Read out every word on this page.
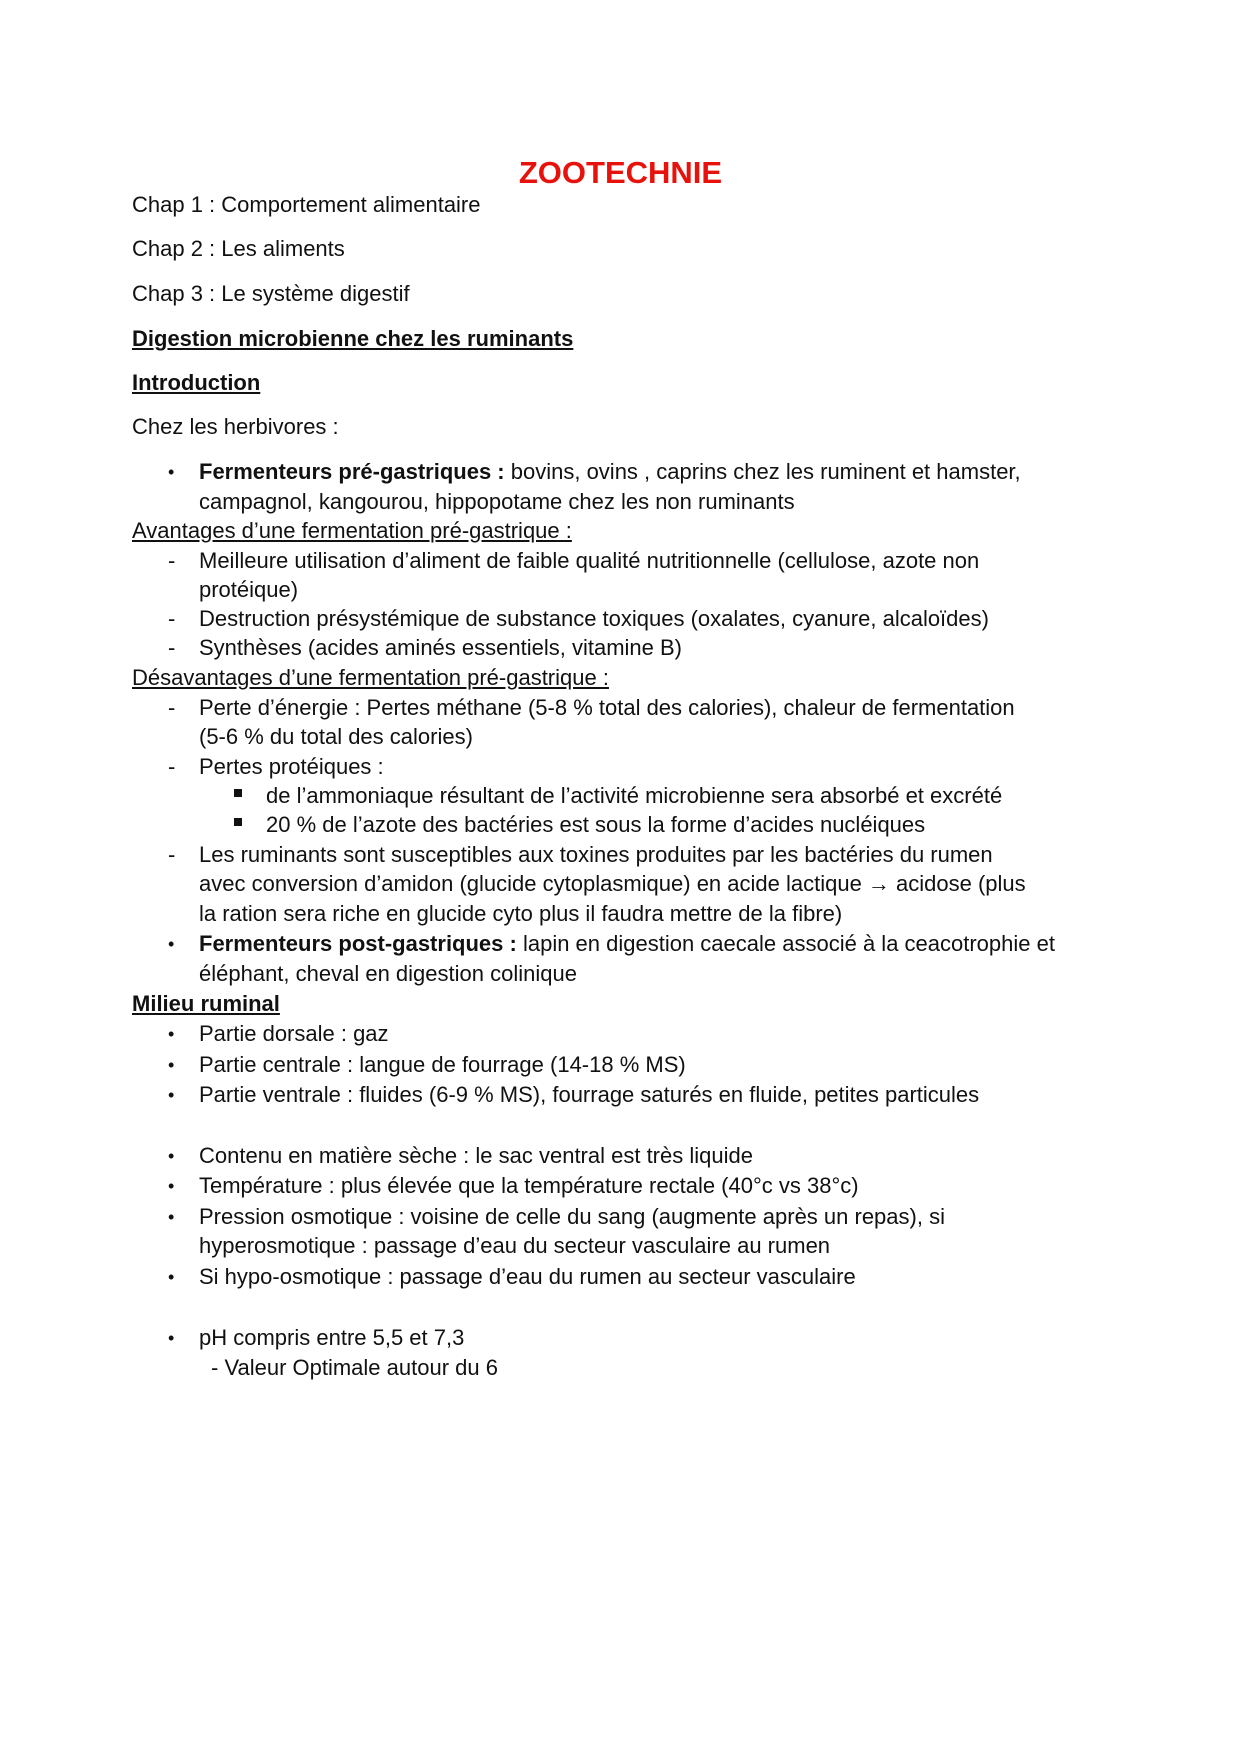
ZOOTECHNIE
Chap 1 : Comportement alimentaire
Chap 2 : Les aliments
Chap 3 : Le système digestif
Digestion microbienne chez les ruminants
Introduction
Chez les herbivores :
• Fermenteurs pré-gastriques : bovins, ovins , caprins chez les ruminent et hamster,
campagnol, kangourou, hippopotame chez les non ruminants
Avantages d’une fermentation pré-gastrique :
- Meilleure utilisation d’aliment de faible qualité nutritionnelle (cellulose, azote non
protéique)
- Destruction présystémique de substance toxiques (oxalates, cyanure, alcaloïdes)
- Synthèses (acides aminés essentiels, vitamine B)
Désavantages d’une fermentation pré-gastrique :
- Perte d’énergie : Pertes méthane (5-8 % total des calories), chaleur de fermentation
(5-6 % du total des calories)
- Pertes protéiques :
de l’ammoniaque résultant de l’activité microbienne sera absorbé et excrété
20 % de l’azote des bactéries est sous la forme d’acides nucléiques
- Les ruminants sont susceptibles aux toxines produites par les bactéries du rumen
avec conversion d’amidon (glucide cytoplasmique) en acide lactique → acidose (plus
la ration sera riche en glucide cyto plus il faudra mettre de la fibre)
• Fermenteurs post-gastriques : lapin en digestion caecale associé à la ceacotrophie et
éléphant, cheval en digestion colinique
Milieu ruminal
• Partie dorsale : gaz
• Partie centrale : langue de fourrage (14-18 % MS)
• Partie ventrale : fluides (6-9 % MS), fourrage saturés en fluide, petites particules
• Contenu en matière sèche : le sac ventral est très liquide
• Température : plus élevée que la température rectale (40°c vs 38°c)
• Pression osmotique : voisine de celle du sang (augmente après un repas), si
hyperosmotique : passage d’eau du secteur vasculaire au rumen
• Si hypo-osmotique : passage d’eau du rumen au secteur vasculaire
• pH compris entre 5,5 et 7,3
- Valeur Optimale autour du 6
